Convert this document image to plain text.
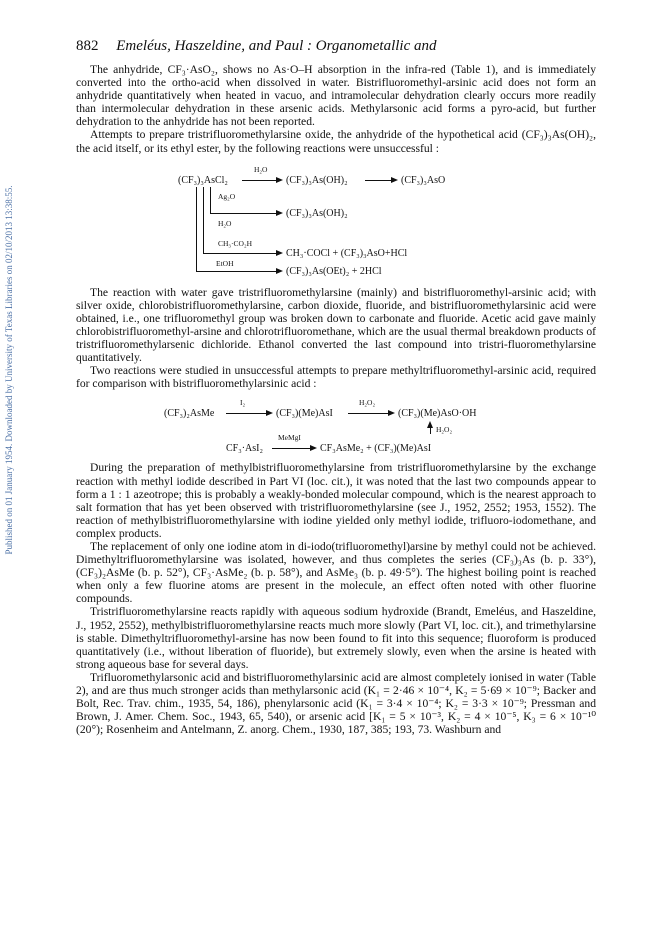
Published on 01 January 1954. Downloaded by University of Texas Libraries on 02/10/2013 13:38:55.
882 Emeléus, Haszeldine, and Paul : Organometallic and

The anhydride, CF₃·AsO₂, shows no As·O–H absorption in the infra-red (Table 1), and is immediately converted into the ortho-acid when dissolved in water. Bistrifluoromethyl-arsinic acid does not form an anhydride quantitatively when heated in vacuo, and intramolecular dehydration clearly occurs more readily than intermolecular dehydration in these arsenic acids. Methylarsonic acid forms a pyro-acid, but further dehydration to the anhydride has not been reported.

Attempts to prepare tristrifluoromethylarsine oxide, the anhydride of the hypothetical acid (CF₃)₃As(OH)₂, the acid itself, or its ethyl ester, by the following reactions were unsuccessful :

(CF₃)₃AsCl₂
H₂O
(CF₃)₃As(OH)₂	(CF₃)₃AsO
Ag₂O
(CF₃)₃As(OH)₂
H₂O
CH₃·CO₂H
CH₃·COCl + (CF₃)₃AsO+HCl
EtOH
(CF₃)₃As(OEt)₂ + 2HCl

The reaction with water gave tristrifluoromethylarsine (mainly) and bistrifluoromethyl-arsinic acid; with silver oxide, chlorobistrifluoromethylarsine, carbon dioxide, fluoride, and bistrifluoromethylarsinic acid were obtained, i.e., one trifluoromethyl group was broken down to carbonate and fluoride. Acetic acid gave mainly chlorobistrifluoromethyl-arsine and chlorotrifluoromethane, which are the usual thermal breakdown products of tristrifluoromethylarsenic dichloride. Ethanol converted the last compound into tristri-fluoromethylarsine quantitatively.

Two reactions were studied in unsuccessful attempts to prepare methyltrifluoromethyl-arsinic acid, required for comparison with bistrifluoromethylarsinic acid :

(CF₃)₂AsMe
I₂
(CF₃)(Me)AsI
H₂O₂
(CF₃)(Me)AsO·OH
H₂O₂
CF₃·AsI₂
MeMgI
CF₃AsMe₂ + (CF₃)(Me)AsI

During the preparation of methylbistrifluoromethylarsine from tristrifluoromethylarsine by the exchange reaction with methyl iodide described in Part VI (loc. cit.), it was noted that the last two compounds appear to form a 1 : 1 azeotrope; this is probably a weakly-bonded molecular compound, which is the nearest approach to salt formation that has yet been observed with tristrifluoromethylarsine (see J., 1952, 2552; 1953, 1552). The reaction of methylbistrifluoromethylarsine with iodine yielded only methyl iodide, trifluoro-iodomethane, and complex products.

The replacement of only one iodine atom in di-iodo(trifluoromethyl)arsine by methyl could not be achieved. Dimethyltrifluoromethylarsine was isolated, however, and thus completes the series (CF₃)₃As (b. p. 33°), (CF₃)₂AsMe (b. p. 52°), CF₃·AsMe₂ (b. p. 58°), and AsMe₃ (b. p. 49·5°). The highest boiling point is reached when only a few fluorine atoms are present in the molecule, an effect often noted with other fluorine compounds.

Tristrifluoromethylarsine reacts rapidly with aqueous sodium hydroxide (Brandt, Emeléus, and Haszeldine, J., 1952, 2552), methylbistrifluoromethylarsine reacts much more slowly (Part VI, loc. cit.), and trimethylarsine is stable. Dimethyltrifluoromethyl-arsine has now been found to fit into this sequence; fluoroform is produced quantitatively (i.e., without liberation of fluoride), but extremely slowly, even when the arsine is heated with strong aqueous base for several days.

Trifluoromethylarsonic acid and bistrifluoromethylarsinic acid are almost completely ionised in water (Table 2), and are thus much stronger acids than methylarsonic acid (K₁ = 2·46 × 10⁻⁴, K₂ = 5·69 × 10⁻⁹; Backer and Bolt, Rec. Trav. chim., 1935, 54, 186), phenylarsonic acid (K₁ = 3·4 × 10⁻⁴; K₂ = 3·3 × 10⁻⁹; Pressman and Brown, J. Amer. Chem. Soc., 1943, 65, 540), or arsenic acid [K₁ = 5 × 10⁻³, K₂ = 4 × 10⁻⁵, K₃ = 6 × 10⁻¹⁰ (20°); Rosenheim and Antelmann, Z. anorg. Chem., 1930, 187, 385; 193, 73. Washburn and
